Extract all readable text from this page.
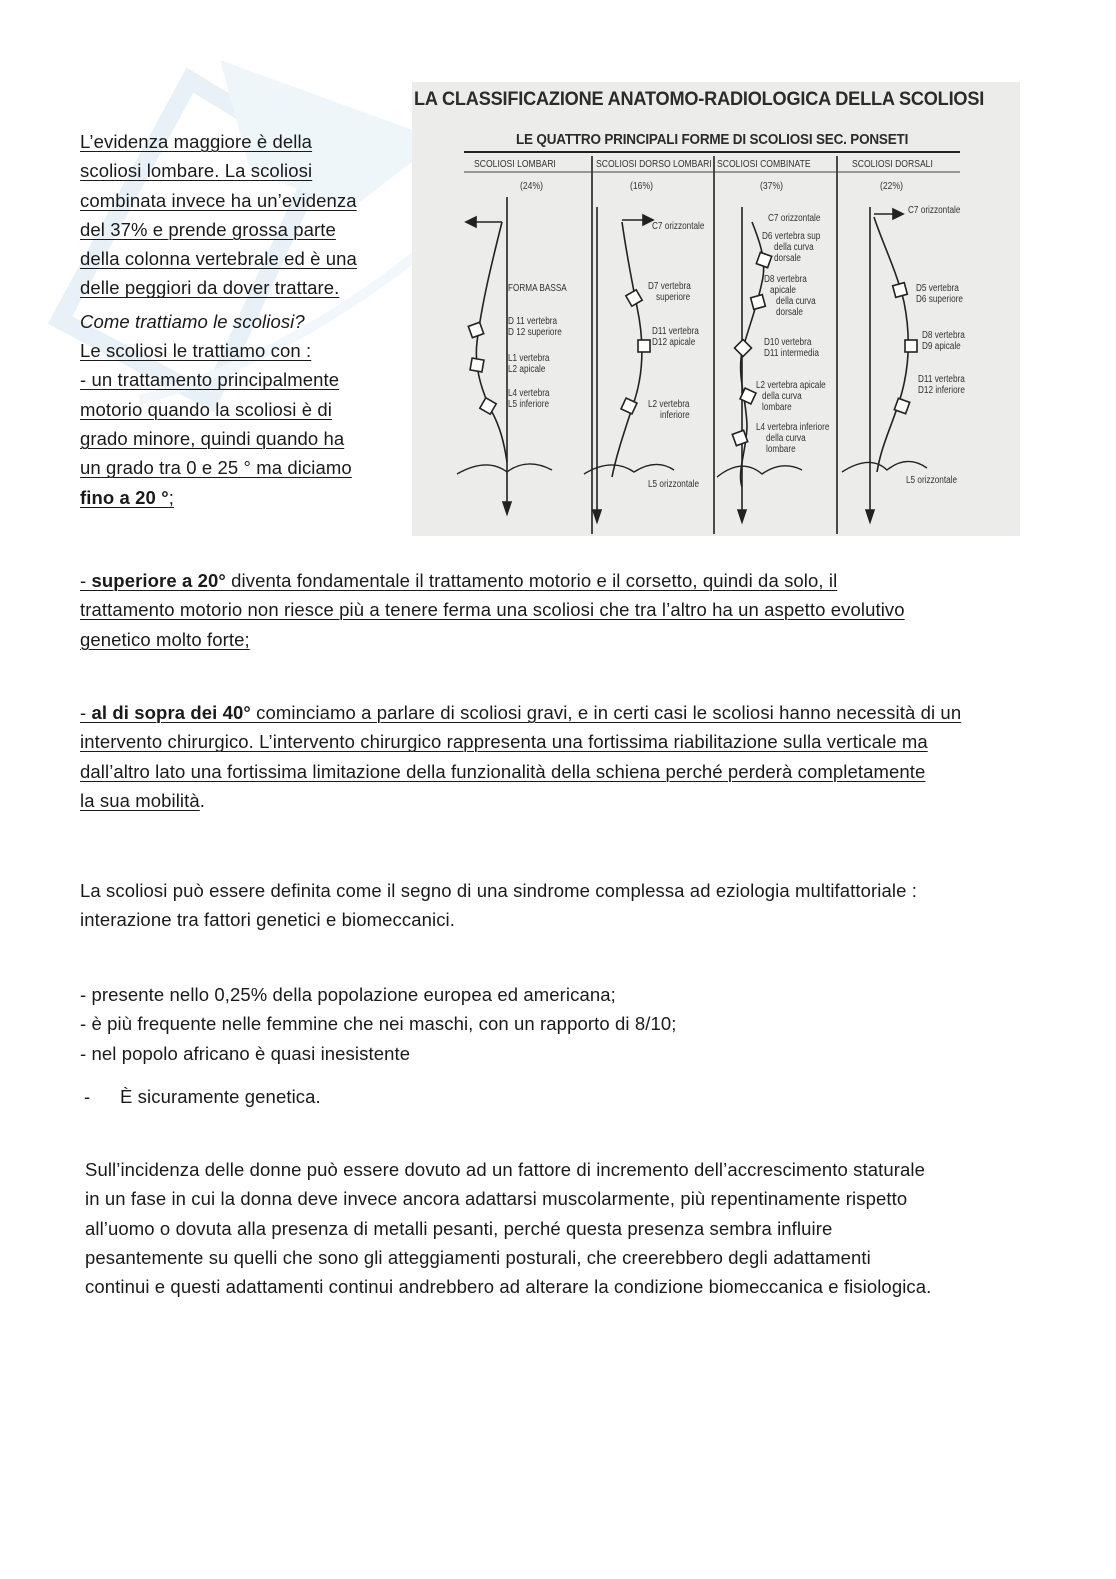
L’evidenza maggiore è della
scoliosi lombare. La scoliosi
combinata invece ha un’evidenza
del 37% e prende grossa parte
della colonna vertebrale ed è una
delle peggiori da dover trattare.
Come trattiamo le scoliosi?
Le scoliosi le trattiamo con :
- un trattamento principalmente
motorio quando la scoliosi è di
grado minore, quindi quando ha
un grado tra 0 e 25 ° ma diciamo
fino a 20 °;
LA CLASSIFICAZIONE ANATOMO-RADIOLOGICA DELLA SCOLIOSI
LE QUATTRO PRINCIPALI FORME DI SCOLIOSI SEC. PONSETI
SCOLIOSI LOMBARI
(24%)
SCOLIOSI DORSO LOMBARI
(16%)
SCOLIOSI COMBINATE
(37%)
SCOLIOSI DORSALI
(22%)
FORMA BASSA
D 11 vertebra
D 12 superiore
L1 vertebra
L2 apicale
L4 vertebra
L5 inferiore
C7 orizzontale
D7 vertebra
superiore
D11 vertebra
D12 apicale
L2 vertebra
inferiore
L5 orizzontale
C7 orizzontale
D6 vertebra sup
della curva
dorsale
D8 vertebra
apicale
della curva
dorsale
D10 vertebra
D11 intermedia
L2 vertebra apicale
della curva
lombare
L4 vertebra inferiore
della curva
lombare
C7 orizzontale
D5 vertebra
D6 superiore
D8 vertebra
D9 apicale
D11 vertebra
D12 inferiore
L5 orizzontale
- superiore a 20° diventa fondamentale il trattamento motorio e il corsetto, quindi da solo, il
trattamento motorio non riesce più a tenere ferma una scoliosi che tra l’altro ha un aspetto evolutivo
genetico molto forte;
- al di sopra dei 40° cominciamo a parlare di scoliosi gravi, e in certi casi le scoliosi hanno necessità di un
intervento chirurgico. L’intervento chirurgico rappresenta una fortissima riabilitazione sulla verticale ma
dall’altro lato una fortissima limitazione della funzionalità della schiena perché perderà completamente
la sua mobilità.
La scoliosi può essere definita come il segno di una sindrome complessa ad eziologia multifattoriale :
interazione tra fattori genetici e biomeccanici.
- presente nello 0,25% della popolazione europea ed americana;
- è più frequente nelle femmine che nei maschi, con un rapporto di 8/10;
- nel popolo africano è quasi inesistente
- È sicuramente genetica.
Sull’incidenza delle donne può essere dovuto ad un fattore di incremento dell’accrescimento staturale
in un fase in cui la donna deve invece ancora adattarsi muscolarmente, più repentinamente rispetto
all’uomo o dovuta alla presenza di metalli pesanti, perché questa presenza sembra influire
pesantemente su quelli che sono gli atteggiamenti posturali, che creerebbero degli adattamenti
continui e questi adattamenti continui andrebbero ad alterare la condizione biomeccanica e fisiologica.
